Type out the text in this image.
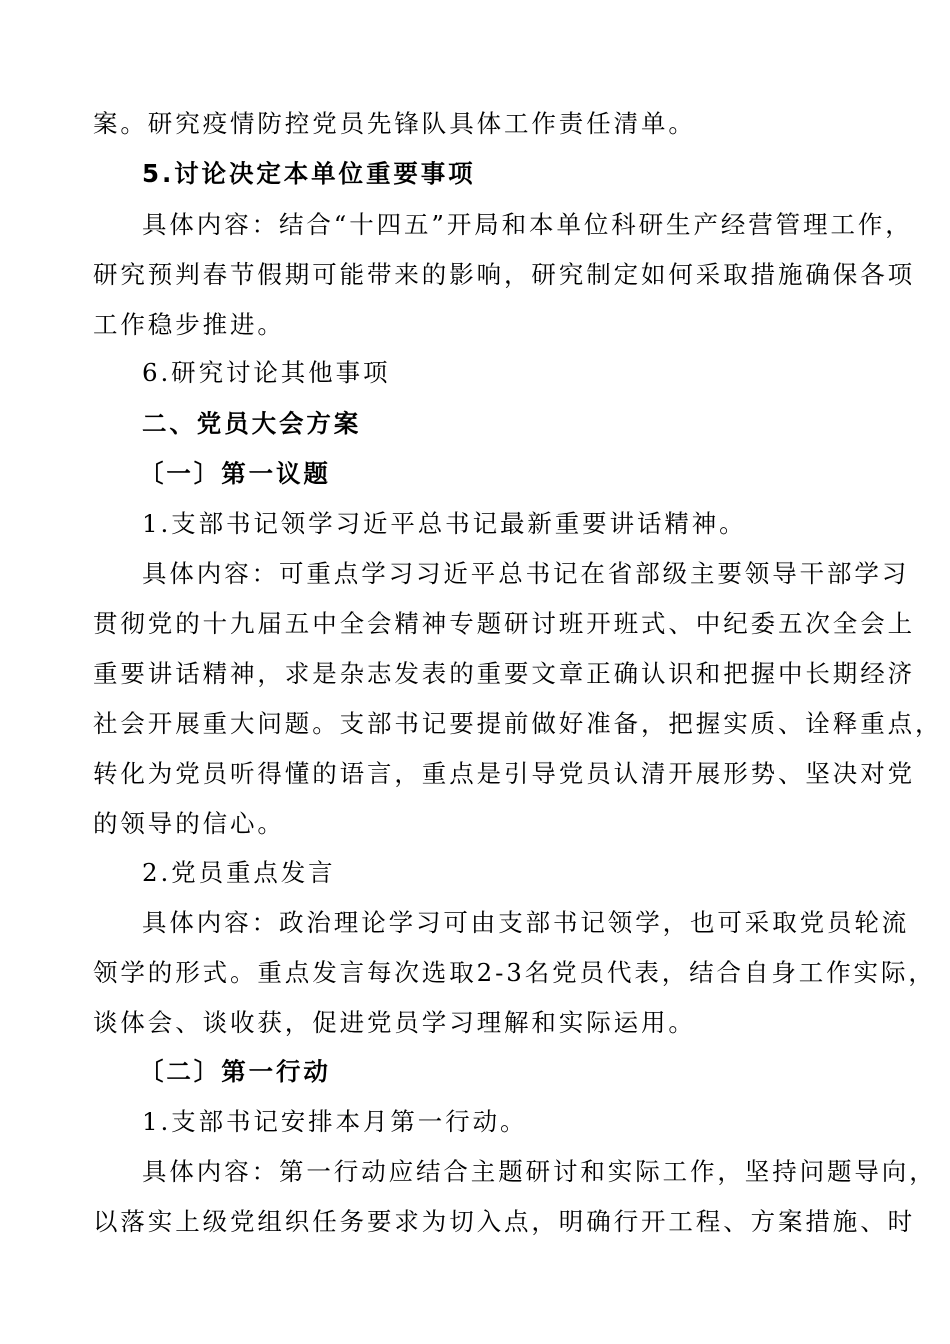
案。研究疫情防控党员先锋队具体工作责任清单。
5.讨论决定本单位重要事项
具体内容：结合“十四五”开局和本单位科研生产经营管理工作，
研究预判春节假期可能带来的影响，研究制定如何采取措施确保各项
工作稳步推进。
6.研究讨论其他事项
二、党员大会方案
〔一〕第一议题
1.支部书记领学习近平总书记最新重要讲话精神。
具体内容：可重点学习习近平总书记在省部级主要领导干部学习
贯彻党的十九届五中全会精神专题研讨班开班式、中纪委五次全会上
重要讲话精神，求是杂志发表的重要文章正确认识和把握中长期经济
社会开展重大问题。支部书记要提前做好准备，把握实质、诠释重点，
转化为党员听得懂的语言，重点是引导党员认清开展形势、坚决对党
的领导的信心。
2.党员重点发言
具体内容：政治理论学习可由支部书记领学，也可采取党员轮流
领学的形式。重点发言每次选取2-3名党员代表，结合自身工作实际，
谈体会、谈收获，促进党员学习理解和实际运用。
〔二〕第一行动
1.支部书记安排本月第一行动。
具体内容：第一行动应结合主题研讨和实际工作，坚持问题导向，
以落实上级党组织任务要求为切入点，明确行开工程、方案措施、时
